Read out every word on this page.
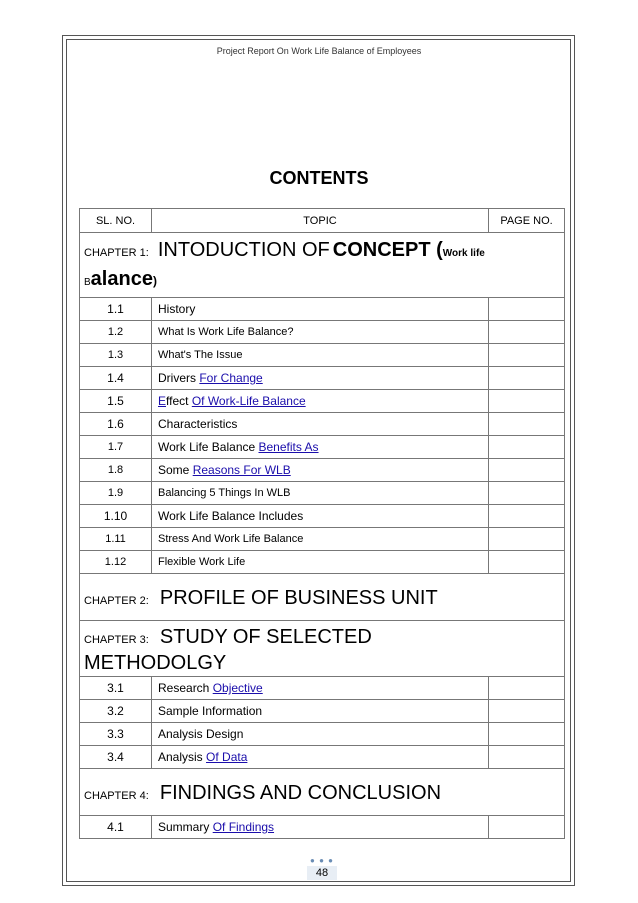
Project Report On Work Life Balance of Employees
CONTENTS
SL. NO.	TOPIC	PAGE NO.

CHAPTER 1: INTODUCTION OF CONCEPT (Work life
Balance)		

1.1	History	
1.2	What Is Work Life Balance?	
1.3	What's The Issue	
1.4	Drivers For Change	
1.5	Effect Of Work-Life Balance	
1.6	Characteristics	
1.7	Work Life Balance Benefits As	
1.8	Some Reasons For WLB	
1.9	Balancing 5 Things In WLB	
1.10	Work Life Balance Includes	
1.11	Stress And Work Life Balance	
1.12	Flexible Work Life	
CHAPTER 2: PROFILE OF BUSINESS UNIT		

CHAPTER 3: STUDY OF SELECTED
METHODOLGY		

3.1	Research Objective	
3.2	Sample Information	
3.3	Analysis Design	
3.4	Analysis Of Data	
CHAPTER 4: FINDINGS AND CONCLUSION		
4.1	Summary Of Findings	
● ● ●
48
